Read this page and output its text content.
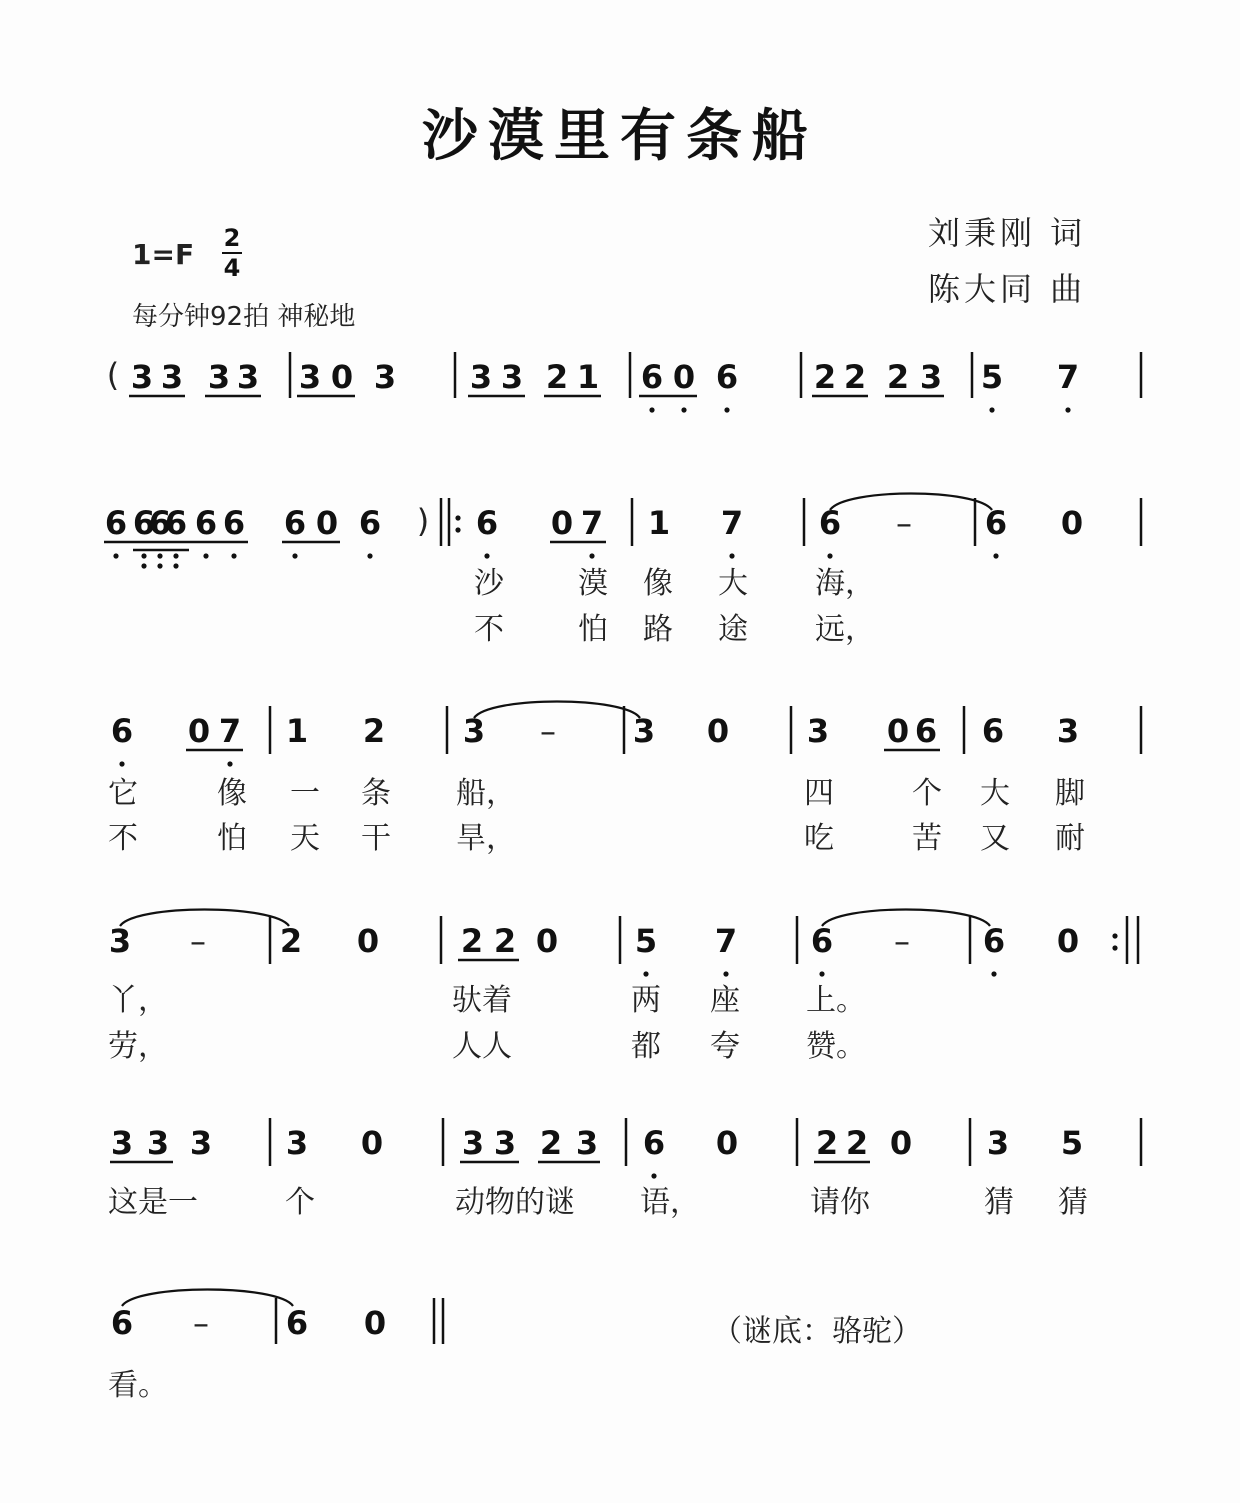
沙漠里有条船
1=F 2
4
每分钟92拍 神秘地
刘秉刚 词
陈大同 曲
( 3 3 3 3 3 0 3 3 3 2 1 6 0 6 2 2 2 3 5 7
6 6
6
6 6 6 6 0 6	6 0 7 1 7 6	6 0
)	–
沙 漠 像 大 海，
不 怕 路 途 远，
6 0 7 1 2 3	3 0 3 0 6 6 3
–
它	像 一 条 船，	四	个 大 脚
不	怕 天 干 旱，	吃	苦 又 耐
3	2 0	2 2 0 5 7 6	6 0
–	–
丫，	驮着	两 座 上。
劳，	人人	都 夸 赞。
3 3 3 3 0 3 3 2 3 6 0 2 2 0 3 5
这是一	个	动物的谜 语，	请你	猜 猜
6	6 0
–
看。
（谜底：骆驼）
